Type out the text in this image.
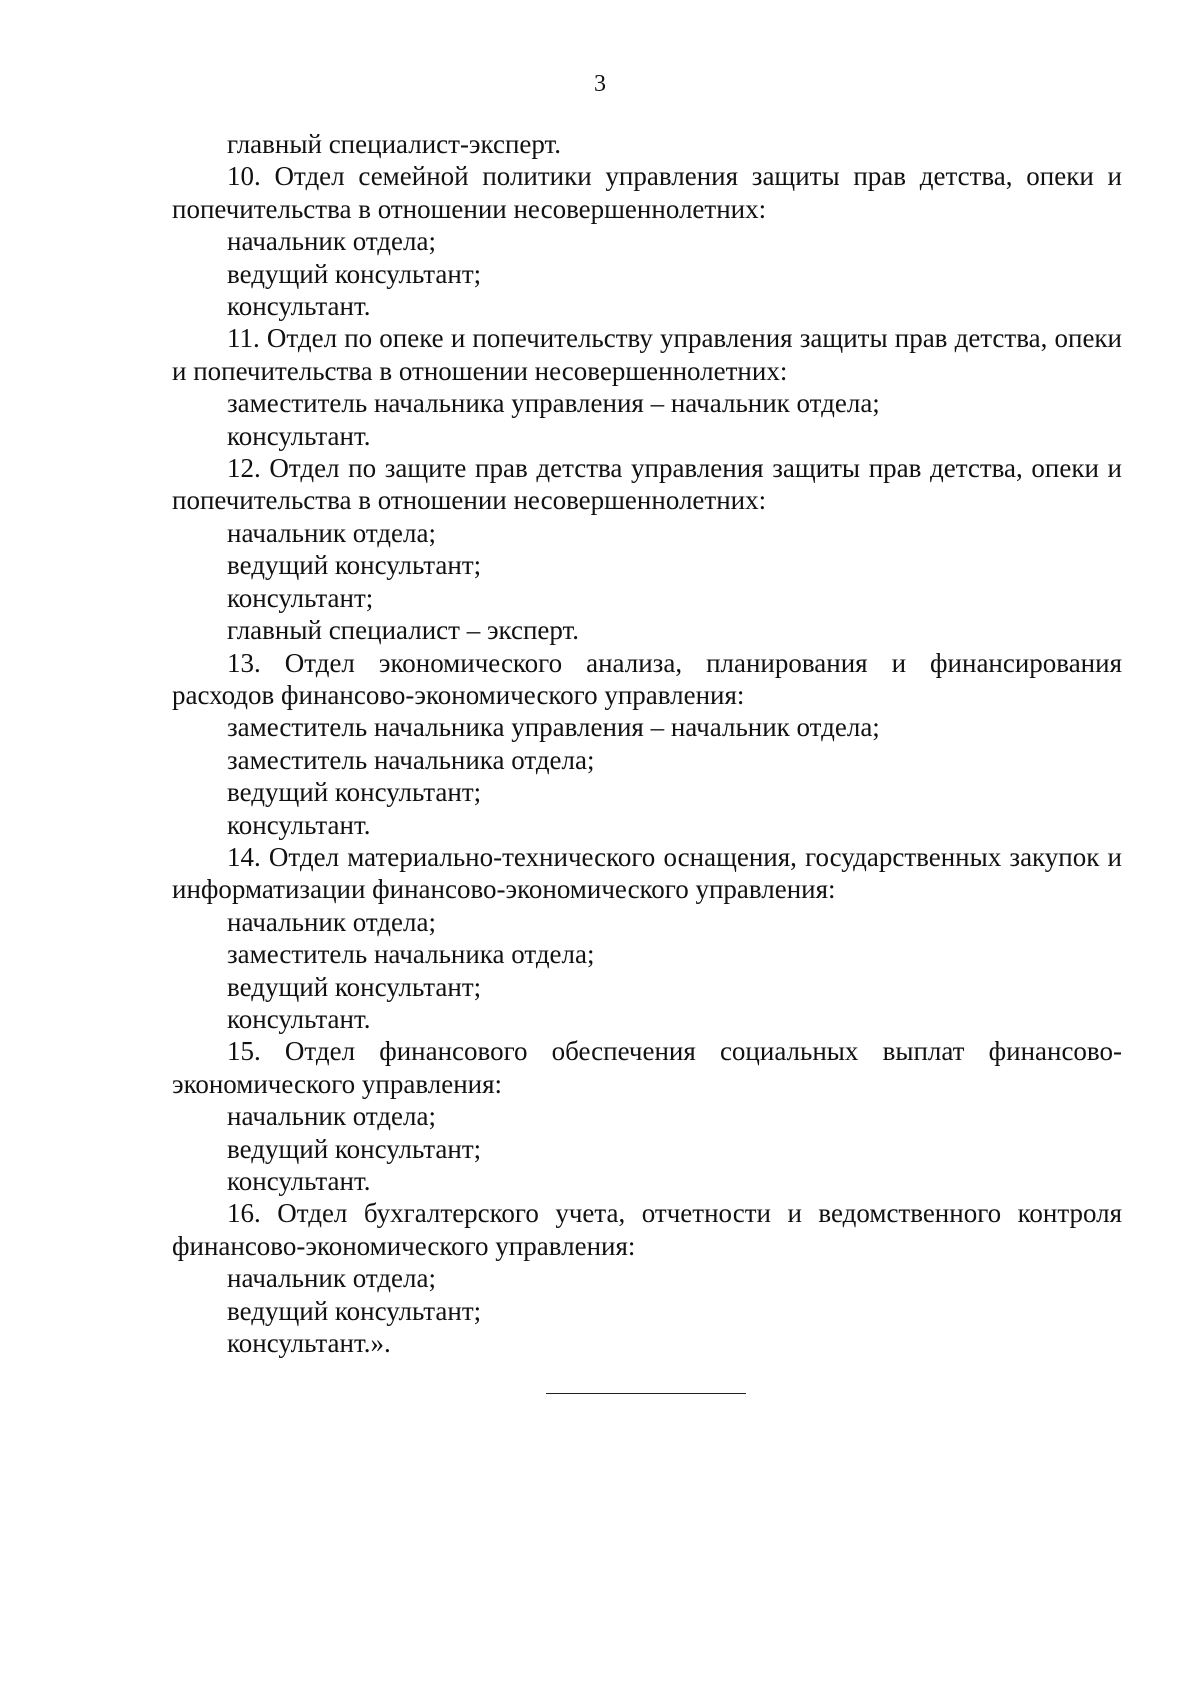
3
главный специалист-эксперт.

10. Отдел семейной политики управления защиты прав детства, опеки и попечительства в отношении несовершеннолетних:

начальник отдела;
ведущий консультант;
консультант.

11. Отдел по опеке и попечительству управления защиты прав детства, опеки и попечительства в отношении несовершеннолетних:

заместитель начальника управления – начальник отдела;
консультант.

12. Отдел по защите прав детства управления защиты прав детства, опеки и попечительства в отношении несовершеннолетних:

начальник отдела;
ведущий консультант;
консультант;
главный специалист – эксперт.

13. Отдел экономического анализа, планирования и финансирования расходов финансово-экономического управления:

заместитель начальника управления – начальник отдела;
заместитель начальника отдела;
ведущий консультант;
консультант.

14. Отдел материально-технического оснащения, государственных закупок и информатизации финансово-экономического управления:

начальник отдела;
заместитель начальника отдела;
ведущий консультант;
консультант.

15. Отдел финансового обеспечения социальных выплат финансово-экономического управления:

начальник отдела;
ведущий консультант;
консультант.

16. Отдел бухгалтерского учета, отчетности и ведомственного контроля финансово-экономического управления:

начальник отдела;
ведущий консультант;
консультант.».
